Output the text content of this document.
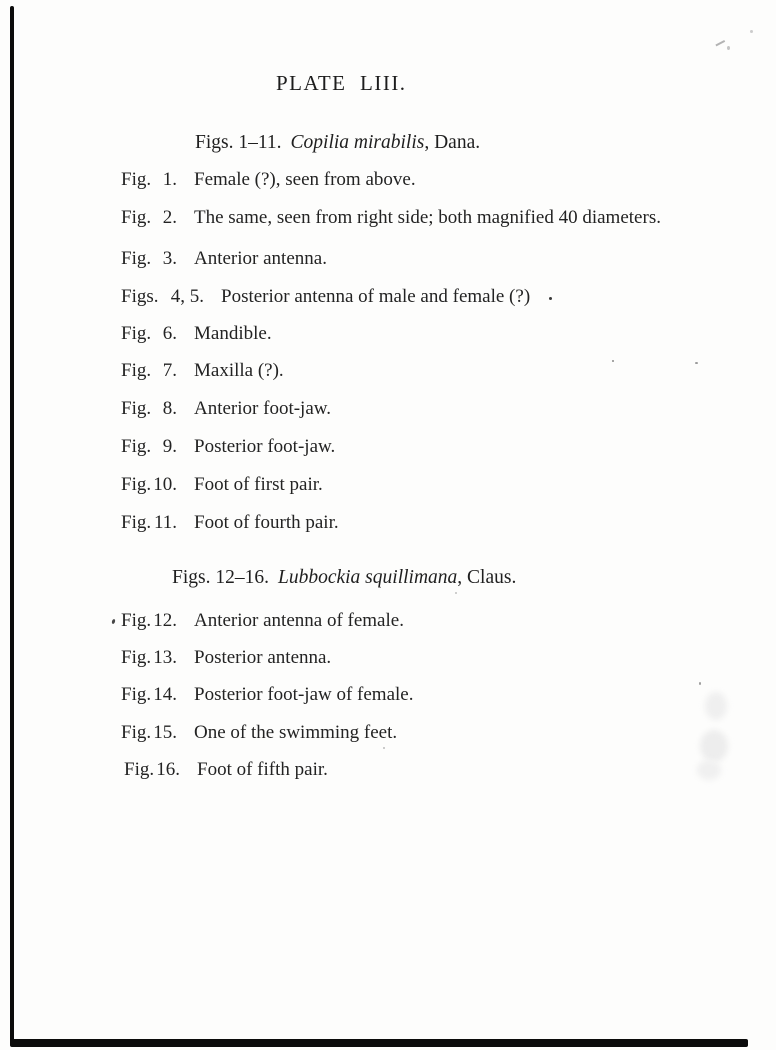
PLATE  LIII.
Figs. 1–11. Copilia mirabilis, Dana.
Fig. 1. Female (?), seen from above.
Fig. 2. The same, seen from right side; both magnified 40 diameters.
Fig. 3. Anterior antenna.
Figs. 4, 5. Posterior antenna of male and female (?)
Fig. 6. Mandible.
Fig. 7. Maxilla (?).
Fig. 8. Anterior foot-jaw.
Fig. 9. Posterior foot-jaw.
Fig. 10. Foot of first pair.
Fig. 11. Foot of fourth pair.
Figs. 12–16. Lubbockia squillimana, Claus.
Fig. 12. Anterior antenna of female.
Fig. 13. Posterior antenna.
Fig. 14. Posterior foot-jaw of female.
Fig. 15. One of the swimming feet.
Fig. 16. Foot of fifth pair.
